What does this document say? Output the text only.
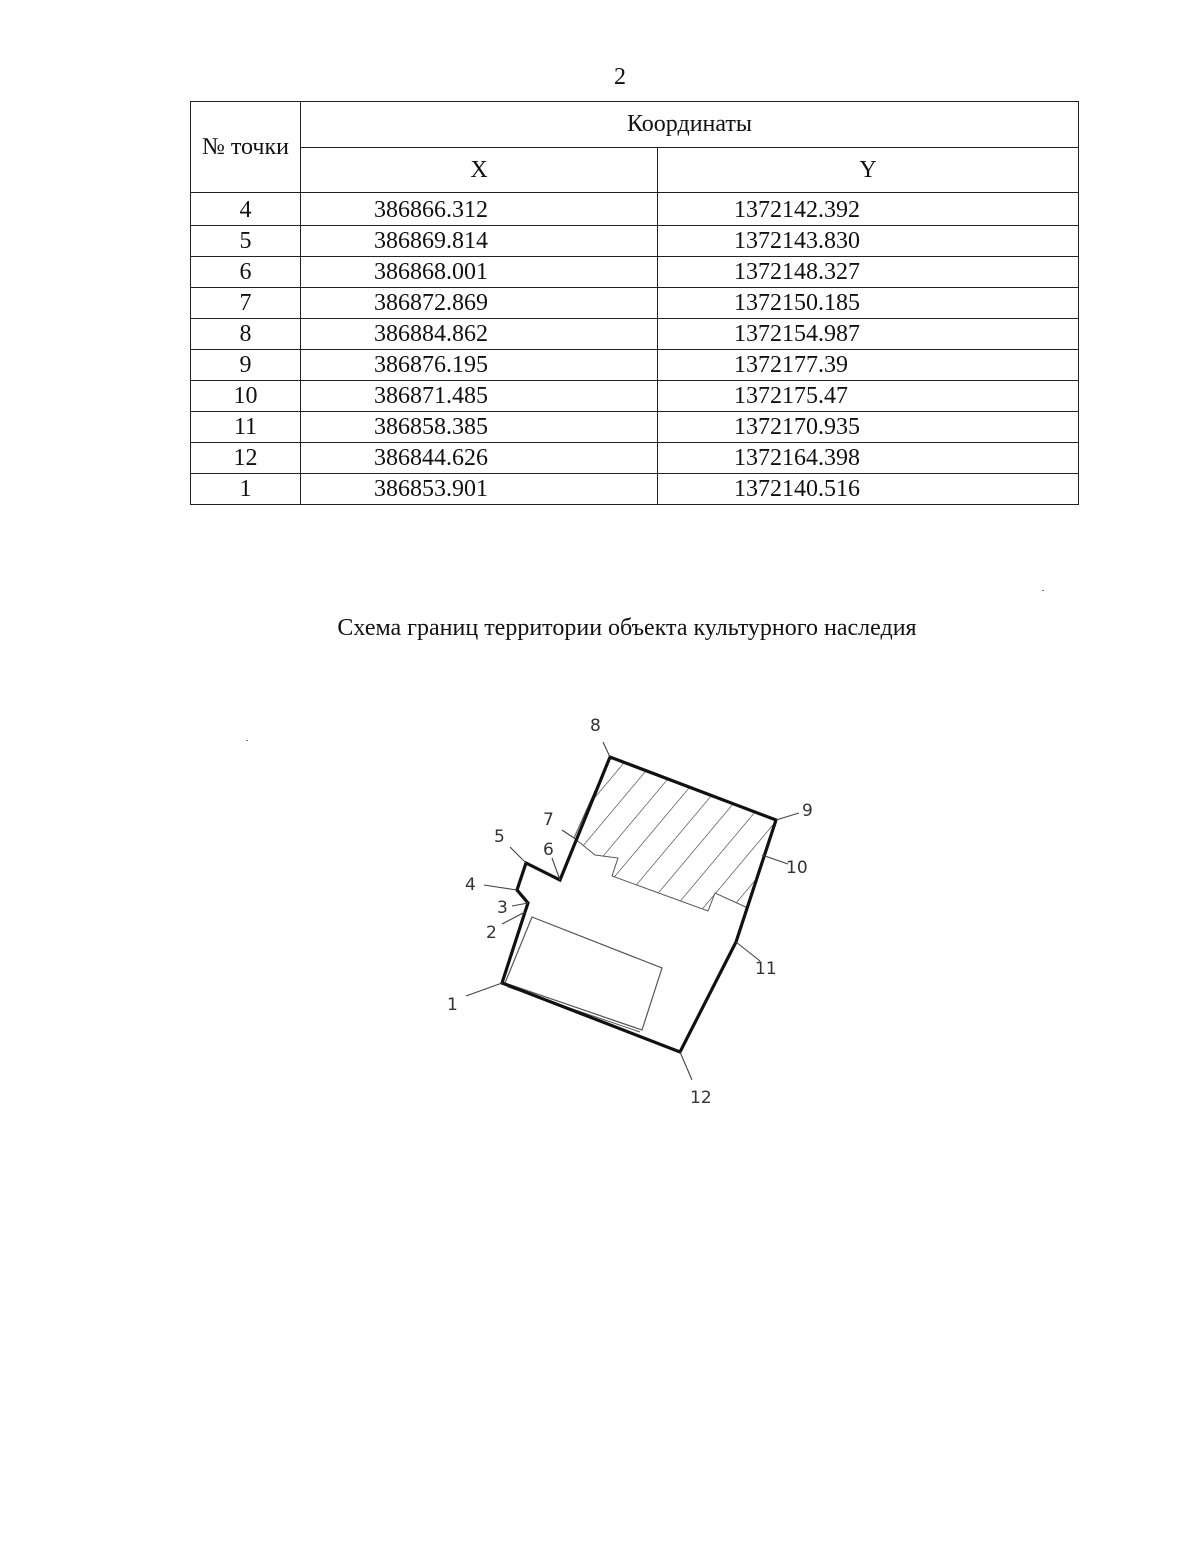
2
№ точки	Координаты	
	X	Y
4	386866.312	1372142.392
5	386869.814	1372143.830
6	386868.001	1372148.327
7	386872.869	1372150.185
8	386884.862	1372154.987
9	386876.195	1372177.39
10	386871.485	1372175.47
11	386858.385	1372170.935
12	386844.626	1372164.398
1	386853.901	1372140.516
Схема границ территории объекта культурного наследия
1
2
3
4
5
6
7
8
9
10
11
12
